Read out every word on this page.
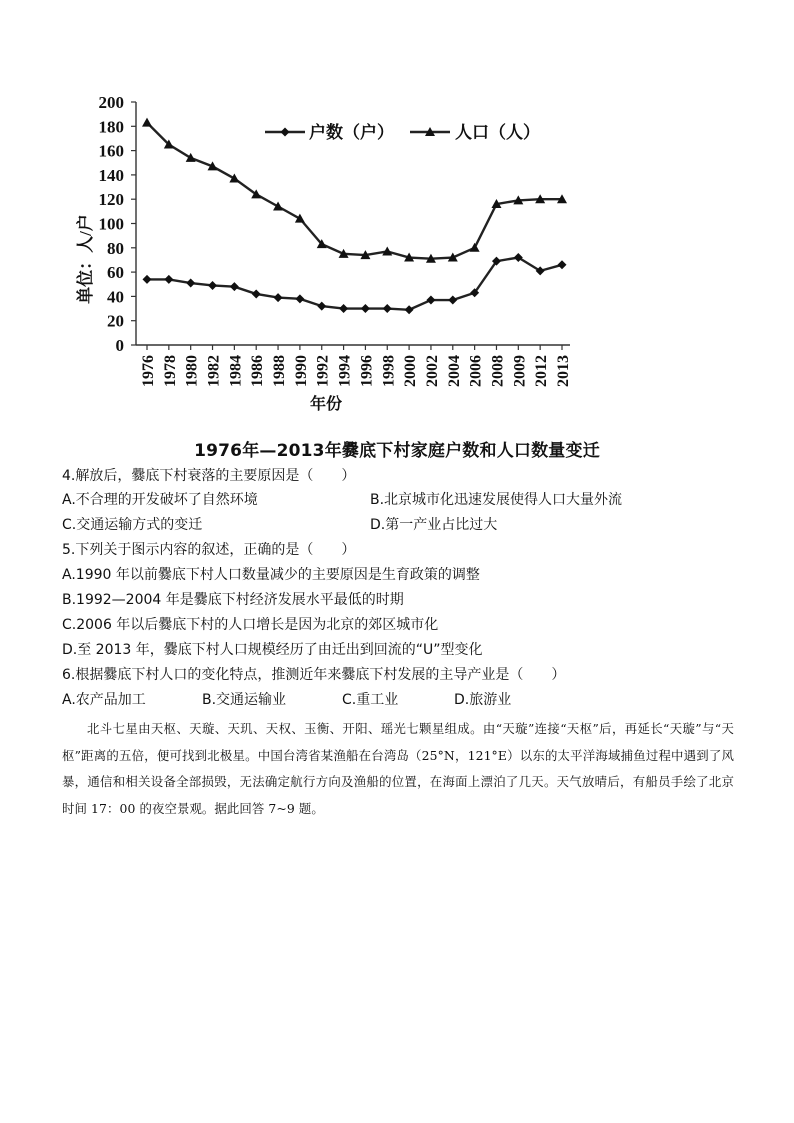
0
20
40
60
80
100
120
140
160
180
200
1976 1978 1980 1982 1984 1986 1988 1990 1992 1994 1996 1998 2000 2002 2004 2006 2008 2009 2012 2013
户数（户）	人口（人）
单位：人/户
年份
1976年—2013年爨底下村家庭户数和人口数量变迁
4.解放后，爨底下村衰落的主要原因是（　　）
A.不合理的开发破坏了自然环境	B.北京城市化迅速发展使得人口大量外流
C.交通运输方式的变迁	D.第一产业占比过大
5.下列关于图示内容的叙述，正确的是（　　）
A.1990 年以前爨底下村人口数量减少的主要原因是生育政策的调整
B.1992—2004 年是爨底下村经济发展水平最低的时期
C.2006 年以后爨底下村的人口增长是因为北京的郊区城市化
D.至 2013 年，爨底下村人口规模经历了由迁出到回流的“U”型变化
6.根据爨底下村人口的变化特点，推测近年来爨底下村发展的主导产业是（　　）
A.农产品加工	B.交通运输业	C.重工业	D.旅游业
北斗七星由天枢、天璇、天玑、天权、玉衡、开阳、瑶光七颗星组成。由“天璇”连接“天枢”后，再延长“天璇”与“天枢”距离的五倍，便可找到北极星。中国台湾省某渔船在台湾岛（25°N，121°E）以东的太平洋海域捕鱼过程中遇到了风暴，通信和相关设备全部损毁，无法确定航行方向及渔船的位置，在海面上漂泊了几天。天气放晴后，有船员手绘了北京时间 17：00 的夜空景观。据此回答 7~9 题。
